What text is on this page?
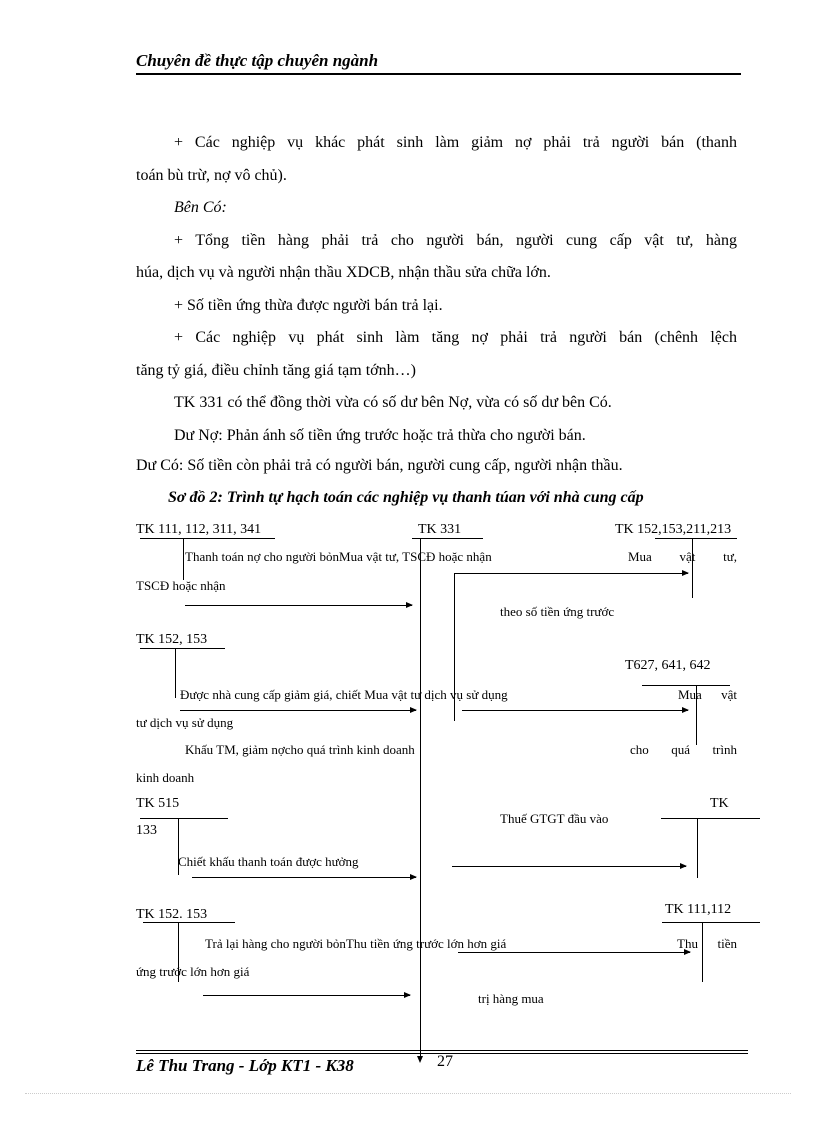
Chuyên đề thực tập chuyên ngành
+ Các nghiệp vụ khác phát sinh làm giảm nợ phải trả người bán (thanh
toán bù trừ, nợ vô chủ).
Bên Có:
+ Tổng tiền hàng phải trả cho người bán, người cung cấp vật tư, hàng
húa, dịch vụ và người nhận thầu XDCB, nhận thầu sửa chữa lớn.
+ Số tiền ứng thừa được người bán trả lại.
+ Các nghiệp vụ phát sinh làm tăng nợ phải trả người bán (chênh lệch
tăng tỷ giá, điều chỉnh tăng giá tạm tớnh…)
TK 331 có thể đồng thời vừa có số dư bên Nợ, vừa có số dư bên Có.
Dư Nợ: Phản ánh số tiền ứng trước hoặc trả thừa cho người bán.
Dư Có: Số tiền còn phải trả có người bán, người cung cấp, người nhận thầu.
Sơ đồ 2: Trình tự hạch toán các nghiệp vụ thanh túan với nhà cung cấp
TK 111, 112, 311, 341	TK 331	TK 152,153,211,213
Thanh toán nợ cho người bỏnMua vật tư, TSCĐ hoặc nhận	Mua vật tư,
TSCĐ hoặc nhận
theo số tiền ứng trước
TK 152, 153
T627, 641, 642
Được nhà cung cấp giảm giá, chiết Mua vật tư dịch vụ sử dụng	Mua vật
tư dịch vụ sử dụng
Khấu TM, giảm nợcho quá trình kinh doanh	cho quá trình
kinh doanh
TK 515
133
Thuế GTGT đầu vào
TK
Chiết khấu thanh toán được hưởng
TK 152. 153	TK 111,112
Trả lại hàng cho người bỏnThu tiền ứng trước lớn hơn giá	Thu tiền
ứng trước lớn hơn giá
trị hàng mua
Lê Thu Trang - Lớp KT1 - K38	27
